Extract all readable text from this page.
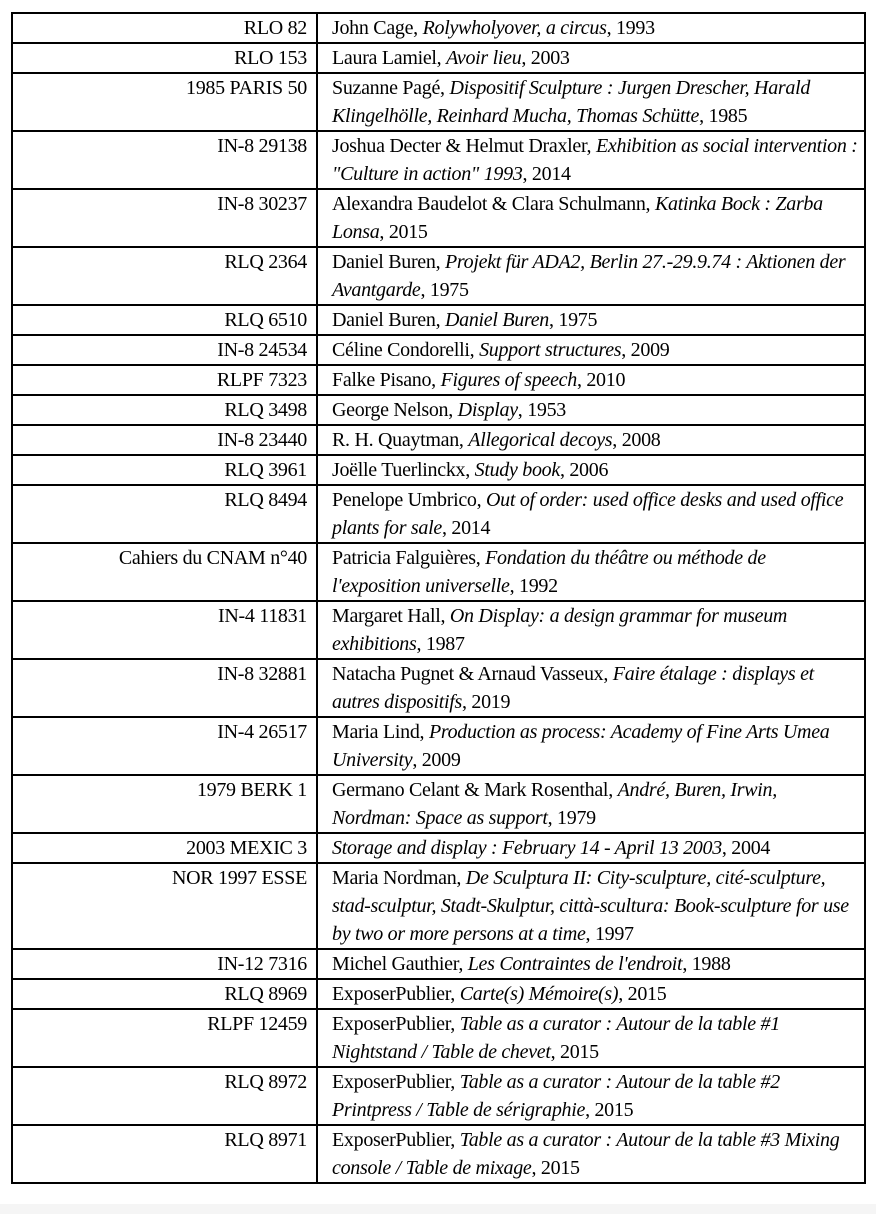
RLO 82	John Cage, Rolywholyover, a circus, 1993
RLO 153	Laura Lamiel, Avoir lieu, 2003
1985 PARIS 50	Suzanne Pagé, Dispositif Sculpture : Jurgen Drescher, Harald Klingelhölle, Reinhard Mucha, Thomas Schütte, 1985
IN-8 29138	Joshua Decter & Helmut Draxler, Exhibition as social intervention : "Culture in action" 1993, 2014
IN-8 30237	Alexandra Baudelot & Clara Schulmann, Katinka Bock : Zarba Lonsa, 2015
RLQ 2364	Daniel Buren, Projekt für ADA2, Berlin 27.-29.9.74 : Aktionen der Avantgarde, 1975
RLQ 6510	Daniel Buren, Daniel Buren, 1975
IN-8 24534	Céline Condorelli, Support structures, 2009
RLPF 7323	Falke Pisano, Figures of speech, 2010
RLQ 3498	George Nelson, Display, 1953
IN-8 23440	R. H. Quaytman, Allegorical decoys, 2008
RLQ 3961	Joëlle Tuerlinckx, Study book, 2006
RLQ 8494	Penelope Umbrico, Out of order: used office desks and used office plants for sale, 2014
Cahiers du CNAM n°40	Patricia Falguières, Fondation du théâtre ou méthode de l'exposition universelle, 1992
IN-4 11831	Margaret Hall, On Display: a design grammar for museum exhibitions, 1987
IN-8 32881	Natacha Pugnet & Arnaud Vasseux, Faire étalage : displays et autres dispositifs, 2019
IN-4 26517	Maria Lind, Production as process: Academy of Fine Arts Umea University, 2009
1979 BERK 1	Germano Celant & Mark Rosenthal, André, Buren, Irwin, Nordman: Space as support, 1979
2003 MEXIC 3	Storage and display : February 14 - April 13 2003, 2004
NOR 1997 ESSE	Maria Nordman, De Sculptura II: City-sculpture, cité-sculpture, stad-sculptur, Stadt-Skulptur, città-scultura: Book-sculpture for use by two or more persons at a time, 1997
IN-12 7316	Michel Gauthier, Les Contraintes de l'endroit, 1988
RLQ 8969	ExposerPublier, Carte(s) Mémoire(s), 2015
RLPF 12459	ExposerPublier, Table as a curator : Autour de la table #1 Nightstand / Table de chevet, 2015
RLQ 8972	ExposerPublier, Table as a curator : Autour de la table #2 Printpress / Table de sérigraphie, 2015
RLQ 8971	ExposerPublier, Table as a curator : Autour de la table #3 Mixing console / Table de mixage, 2015
